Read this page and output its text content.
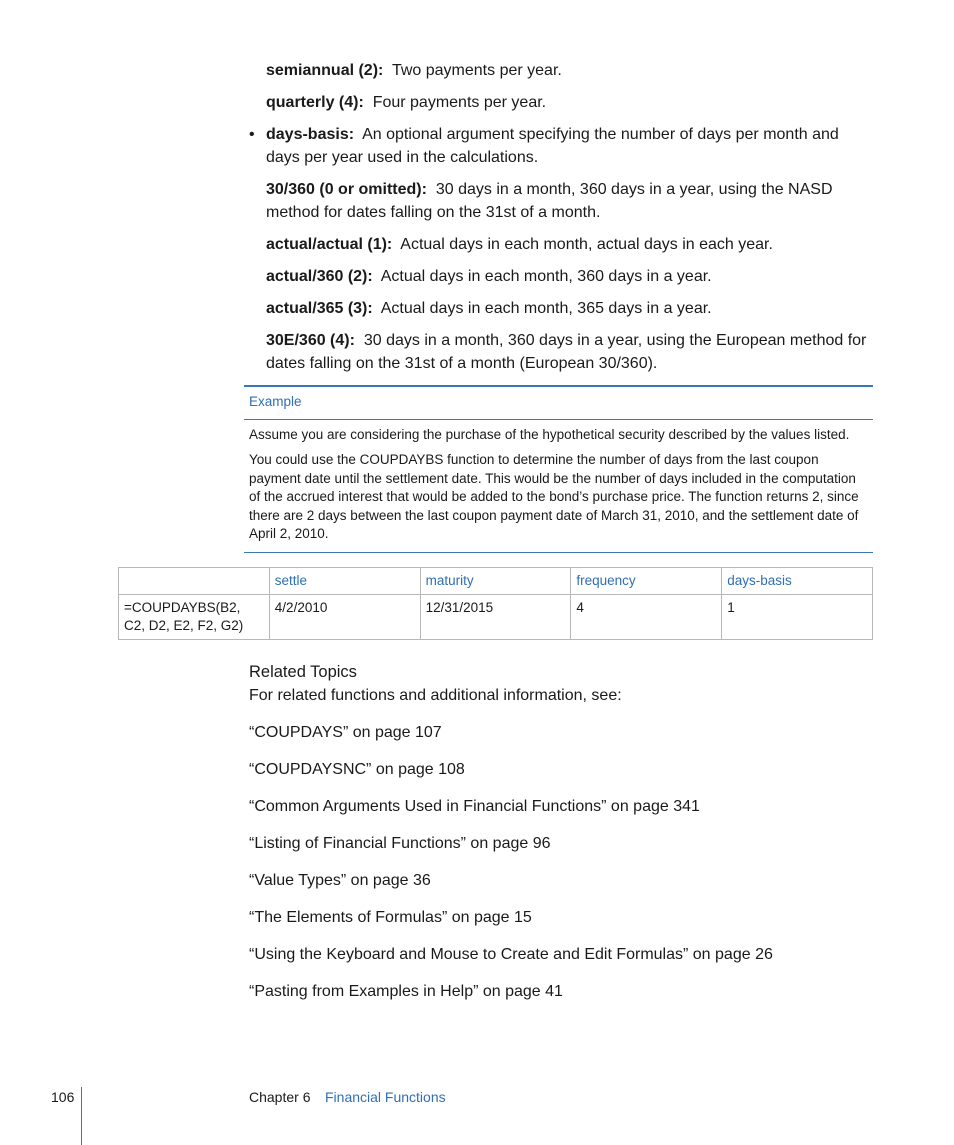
semiannual (2): Two payments per year.
quarterly (4): Four payments per year.
• days-basis: An optional argument specifying the number of days per month and days per year used in the calculations.
30/360 (0 or omitted): 30 days in a month, 360 days in a year, using the NASD method for dates falling on the 31st of a month.
actual/actual (1): Actual days in each month, actual days in each year.
actual/360 (2): Actual days in each month, 360 days in a year.
actual/365 (3): Actual days in each month, 365 days in a year.
30E/360 (4): 30 days in a month, 360 days in a year, using the European method for dates falling on the 31st of a month (European 30/360).
Example

Assume you are considering the purchase of the hypothetical security described by the values listed.

You could use the COUPDAYBS function to determine the number of days from the last coupon payment date until the settlement date. This would be the number of days included in the computation of the accrued interest that would be added to the bond’s purchase price. The function returns 2, since there are 2 days between the last coupon payment date of March 31, 2010, and the settlement date of April 2, 2010.

	settle	maturity	frequency	days-basis
=COUPDAYBS(B2, C2, D2, E2, F2, G2)	4/2/2010	12/31/2015	4	1
Related Topics

For related functions and additional information, see:

“COUPDAYS” on page 107
“COUPDAYSNC” on page 108
“Common Arguments Used in Financial Functions” on page 341
“Listing of Financial Functions” on page 96
“Value Types” on page 36
“The Elements of Formulas” on page 15
“Using the Keyboard and Mouse to Create and Edit Formulas” on page 26
“Pasting from Examples in Help” on page 41
106	Chapter 6 Financial Functions
